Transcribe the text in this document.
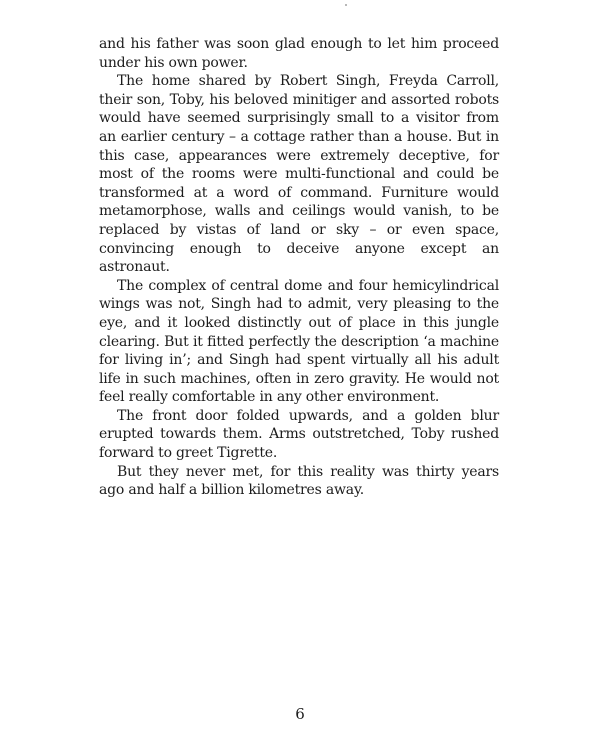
and his father was soon glad enough to let him proceed under his own power.

The home shared by Robert Singh, Freyda Carroll, their son, Toby, his beloved minitiger and assorted robots would have seemed surprisingly small to a visitor from an earlier century – a cottage rather than a house. But in this case, appearances were extremely deceptive, for most of the rooms were multi-functional and could be transformed at a word of command. Furniture would metamorphose, walls and ceilings would vanish, to be replaced by vistas of land or sky – or even space, convincing enough to deceive anyone except an astronaut.

The complex of central dome and four hemicylindrical wings was not, Singh had to admit, very pleasing to the eye, and it looked distinctly out of place in this jungle clearing. But it fitted perfectly the description ‘a machine for living in’; and Singh had spent virtually all his adult life in such machines, often in zero gravity. He would not feel really comfortable in any other environment.

The front door folded upwards, and a golden blur erupted towards them. Arms outstretched, Toby rushed forward to greet Tigrette.

But they never met, for this reality was thirty years ago and half a billion kilometres away.

6
